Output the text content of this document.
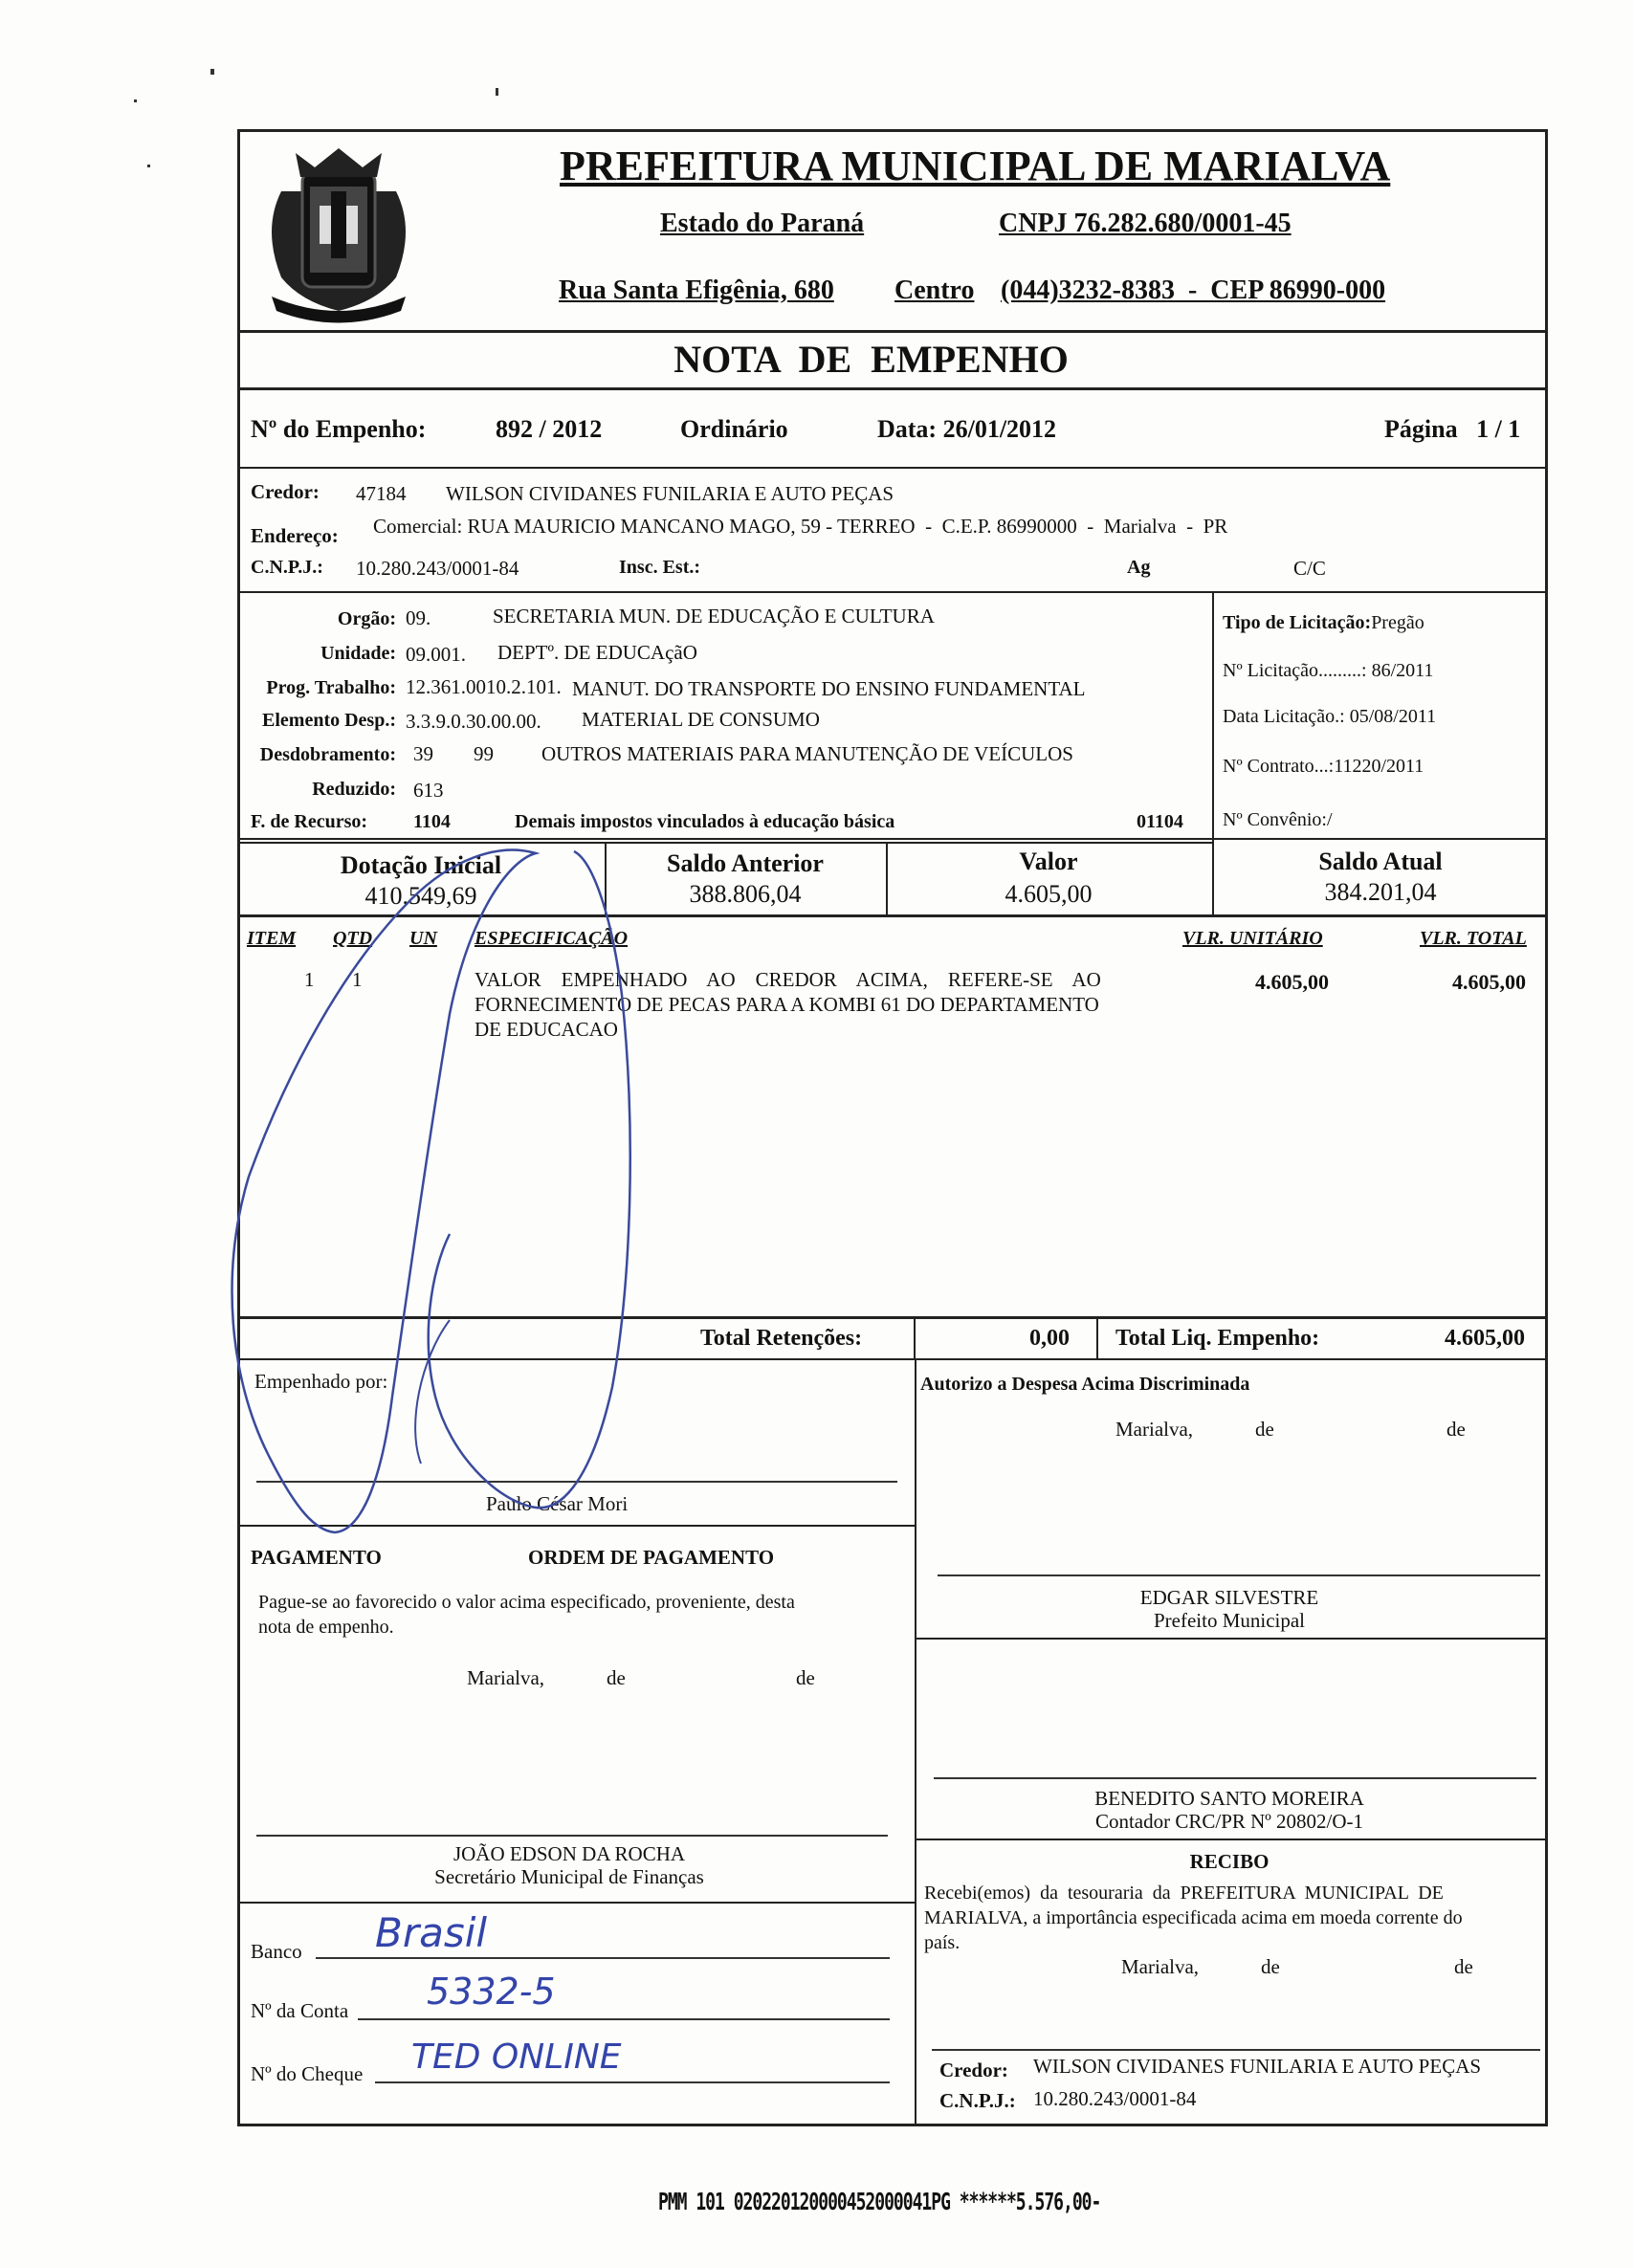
PREFEITURA MUNICIPAL DE MARIALVA
Estado do Paraná	CNPJ 76.282.680/0001-45
Rua Santa Efigênia, 680 Centro (044)3232-8383  -  CEP 86990-000
NOTA  DE  EMPENHO
Nº do Empenho:	892 / 2012	Ordinário	Data: 26/01/2012	Página   1 / 1
Credor: 47184 WILSON CIVIDANES FUNILARIA E AUTO PEÇAS
Endereço: Comercial: RUA MAURICIO MANCANO MAGO, 59 - TERREO  -  C.E.P. 86990000  -  Marialva  -  PR
C.N.P.J.: 10.280.243/0001-84	Insc. Est.:	Ag	C/C
Orgão: 09.	SECRETARIA MUN. DE EDUCAÇÃO E CULTURA
Unidade: 09.001. DEPTº. DE EDUCAçãO
Prog. Trabalho: 12.361.0010.2.101. MANUT. DO TRANSPORTE DO ENSINO FUNDAMENTAL
Elemento Desp.: 3.3.9.0.30.00.00. MATERIAL DE CONSUMO
Desdobramento: 39 99 OUTROS MATERIAIS PARA MANUTENÇÃO DE VEÍCULOS
Reduzido: 613
F. de Recurso: 1104	Demais impostos vinculados à educação básica	01104
Tipo de Licitação:Pregão
Nº Licitação.........: 86/2011
Data Licitação.: 05/08/2011
Nº Contrato...:11220/2011
Nº Convênio:/
Dotação Inicial
410.549,69
Saldo Anterior
388.806,04
Valor
4.605,00
Saldo Atual
384.201,04
ITEM QTD UN ESPECIFICAÇÃO	VLR. UNITÁRIO	VLR. TOTAL
1 1	VALOR    EMPENHADO    AO    CREDOR    ACIMA,    REFERE-SE    AO
FORNECIMENTO DE PECAS PARA A KOMBI 61 DO DEPARTAMENTO
DE EDUCACAO
4.605,00	4.605,00
Total Retenções:	0,00 Total Liq. Empenho:	4.605,00
Empenhado por:
Paulo César Mori
Autorizo a Despesa Acima Discriminada
Marialva,	de	de
EDGAR SILVESTRE
Prefeito Municipal
PAGAMENTO	ORDEM DE PAGAMENTO
Pague-se ao favorecido o valor acima especificado, proveniente, desta
nota de empenho.
Marialva,	de	de
BENEDITO SANTO MOREIRA
Contador CRC/PR Nº 20802/O-1
JOÃO EDSON DA ROCHA
Secretário Municipal de Finanças
RECIBO
Recebi(emos)  da  tesouraria  da  PREFEITURA  MUNICIPAL  DE
MARIALVA, a importância especificada acima em moeda corrente do
país.
Marialva,	de	de
Credor: WILSON CIVIDANES FUNILARIA E AUTO PEÇAS
C.N.P.J.: 10.280.243/0001-84
Banco Brasil
Nº da Conta 5332-5
Nº do Cheque TED ONLINE
PMM 101 020220120000452000041PG ******5.576,00-
